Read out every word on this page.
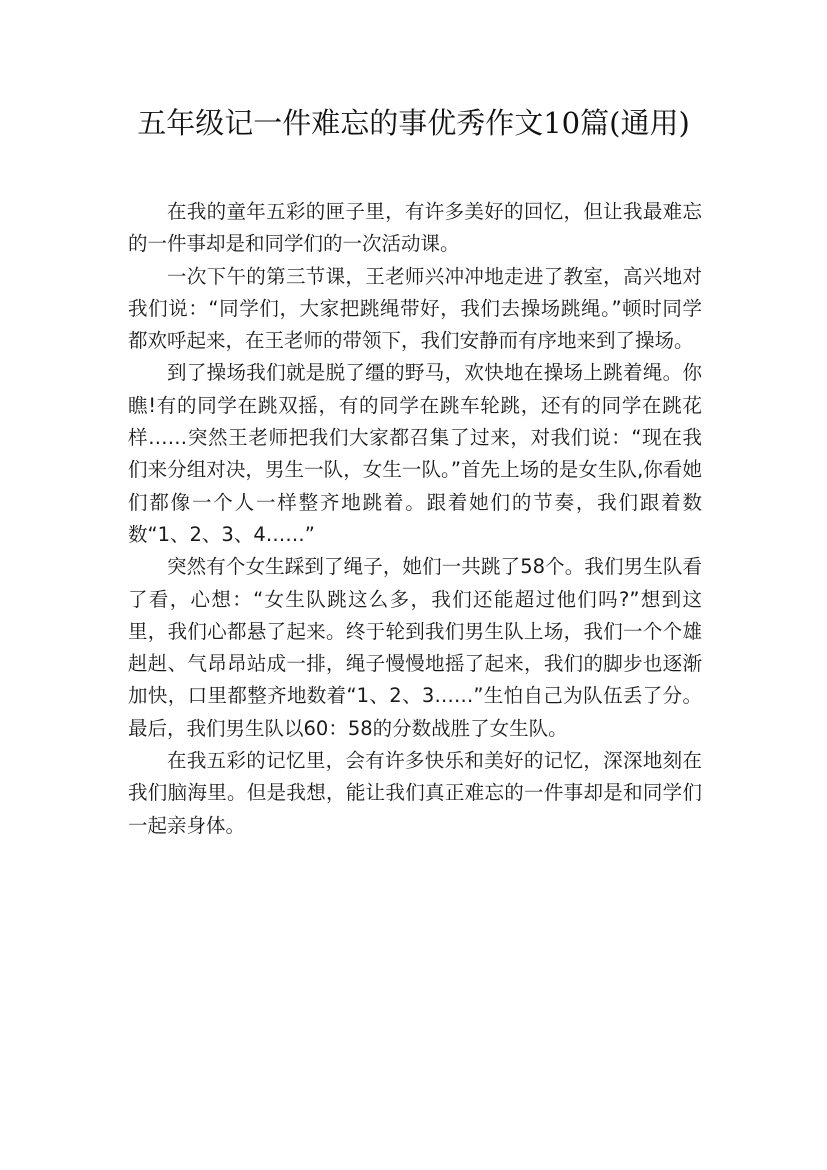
五年级记一件难忘的事优秀作文10篇(通用)

在我的童年五彩的匣子里，有许多美好的回忆，但让我最难忘的一件事却是和同学们的一次活动课。

一次下午的第三节课，王老师兴冲冲地走进了教室，高兴地对我们说：“同学们，大家把跳绳带好，我们去操场跳绳。”顿时同学都欢呼起来，在王老师的带领下，我们安静而有序地来到了操场。

到了操场我们就是脱了缰的野马，欢快地在操场上跳着绳。你瞧!有的同学在跳双摇，有的同学在跳车轮跳，还有的同学在跳花样……突然王老师把我们大家都召集了过来，对我们说：“现在我们来分组对决，男生一队，女生一队。”首先上场的是女生队,你看她们都像一个人一样整齐地跳着。跟着她们的节奏，我们跟着数数“1、2、3、4……”

突然有个女生踩到了绳子，她们一共跳了58个。我们男生队看了看，心想：“女生队跳这么多，我们还能超过他们吗?”想到这里，我们心都悬了起来。终于轮到我们男生队上场，我们一个个雄赳赳、气昂昂站成一排，绳子慢慢地摇了起来，我们的脚步也逐渐加快，口里都整齐地数着“1、2、3……”生怕自己为队伍丢了分。最后，我们男生队以60：58的分数战胜了女生队。

在我五彩的记忆里，会有许多快乐和美好的记忆，深深地刻在我们脑海里。但是我想，能让我们真正难忘的一件事却是和同学们一起亲身体。
